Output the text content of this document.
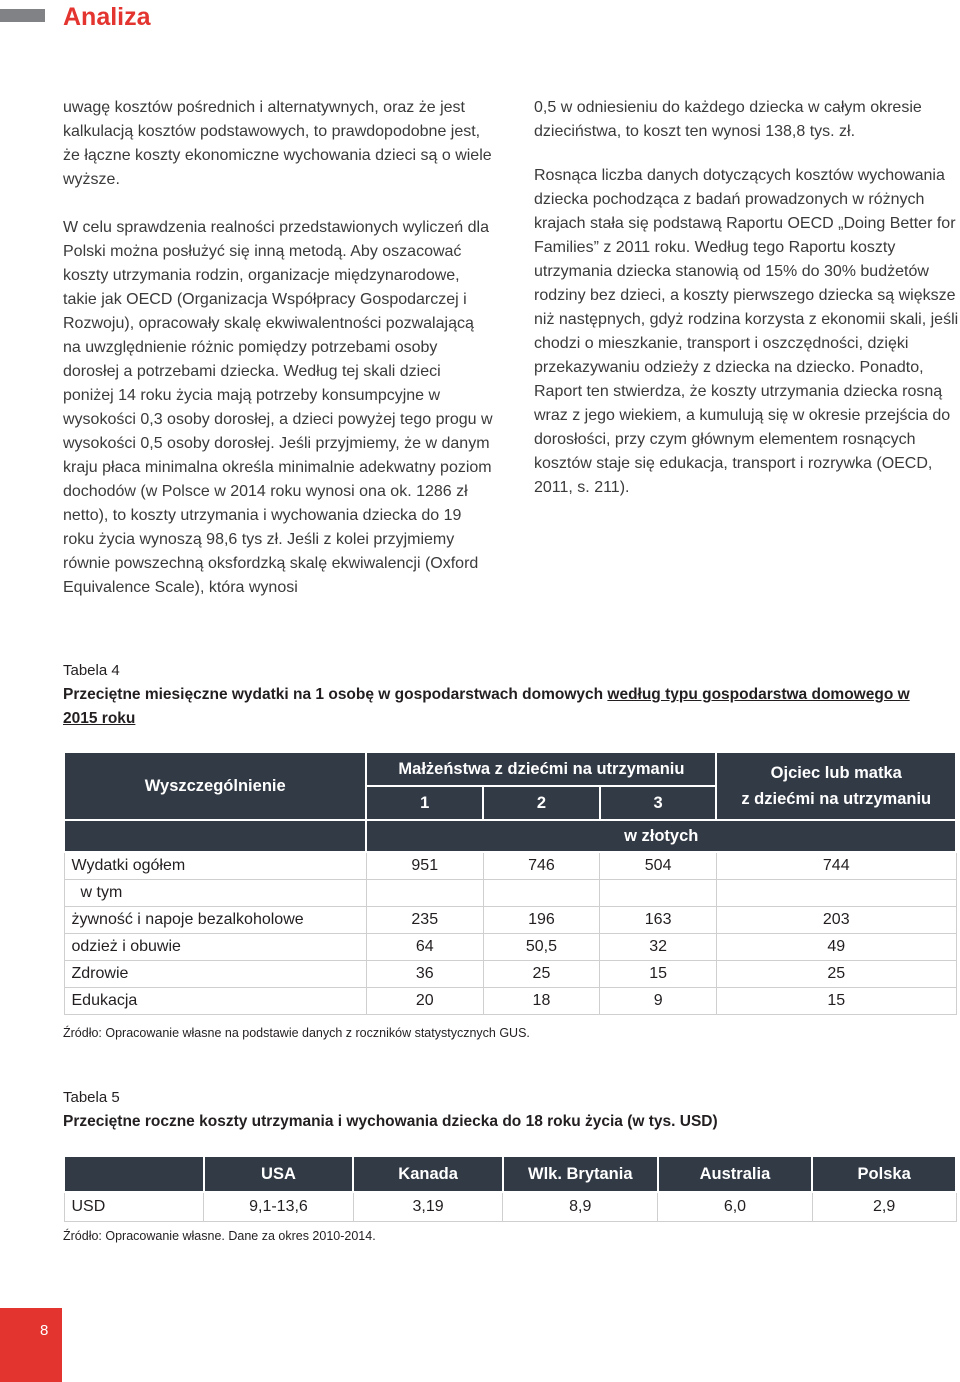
Analiza

uwagę kosztów pośrednich i alternatywnych, oraz że jest kalkulacją kosztów podstawowych, to prawdopodobne jest, że łączne koszty ekonomiczne wychowania dzieci są o wiele wyższe.

W celu sprawdzenia realności przedstawionych wyliczeń dla Polski można posłużyć się inną metodą. Aby oszacować koszty utrzymania rodzin, organizacje międzynarodowe, takie jak OECD (Organizacja Współpracy Gospodarczej i Rozwoju), opracowały skalę ekwiwalentności pozwalającą na uwzględnienie różnic pomiędzy potrzebami osoby dorosłej a potrzebami dziecka. Według tej skali dzieci poniżej 14 roku życia mają potrzeby konsumpcyjne w wysokości 0,3 osoby dorosłej, a dzieci powyżej tego progu w wysokości 0,5 osoby dorosłej. Jeśli przyjmiemy, że w danym kraju płaca minimalna określa minimalnie adekwatny poziom dochodów (w Polsce w 2014 roku wynosi ona ok. 1286 zł netto), to koszty utrzymania i wychowania dziecka do 19 roku życia wynoszą 98,6 tys zł. Jeśli z kolei przyjmiemy równie powszechną oksfordzką skalę ekwiwalencji (Oxford Equivalence Scale), która wynosi

0,5 w odniesieniu do każdego dziecka w całym okresie dzieciństwa, to koszt ten wynosi 138,8 tys. zł.

Rosnąca liczba danych dotyczących kosztów wychowania dziecka pochodząca z badań prowadzonych w różnych krajach stała się podstawą Raportu OECD „Doing Better for Families” z 2011 roku. Według tego Raportu koszty utrzymania dziecka stanowią od 15% do 30% budżetów rodziny bez dzieci, a koszty pierwszego dziecka są większe niż następnych, gdyż rodzina korzysta z ekonomii skali, jeśli chodzi o mieszkanie, transport i oszczędności, dzięki przekazywaniu odzieży z dziecka na dziecko. Ponadto, Raport ten stwierdza, że koszty utrzymania dziecka rosną wraz z jego wiekiem, a kumulują się w okresie przejścia do dorosłości, przy czym głównym elementem rosnących kosztów staje się edukacja, transport i rozrywka (OECD, 2011, s. 211).

Tabela 4
Przeciętne miesięczne wydatki na 1 osobę w gospodarstwach domowych według typu gospodarstwa domowego w 2015 roku
Wyszczególnienie	Małżeństwa z dziećmi na utrzymaniu			Ojciec lub matka
z dziećmi na utrzymaniu
	1	2	3	
	w złotych			
Wydatki ogółem	951	746	504	744
w tym				
żywność i napoje bezalkoholowe	235	196	163	203
odzież i obuwie	64	50,5	32	49
Zdrowie	36	25	15	25
Edukacja	20	18	9	15
Źródło: Opracowanie własne na podstawie danych z roczników statystycznych GUS.
Tabela 5
Przeciętne roczne koszty utrzymania i wychowania dziecka do 18 roku życia (w tys. USD)
	USA	Kanada	Wlk. Brytania	Australia	Polska
USD	9,1-13,6	3,19	8,9	6,0	2,9
Źródło: Opracowanie własne. Dane za okres 2010-2014.
8
